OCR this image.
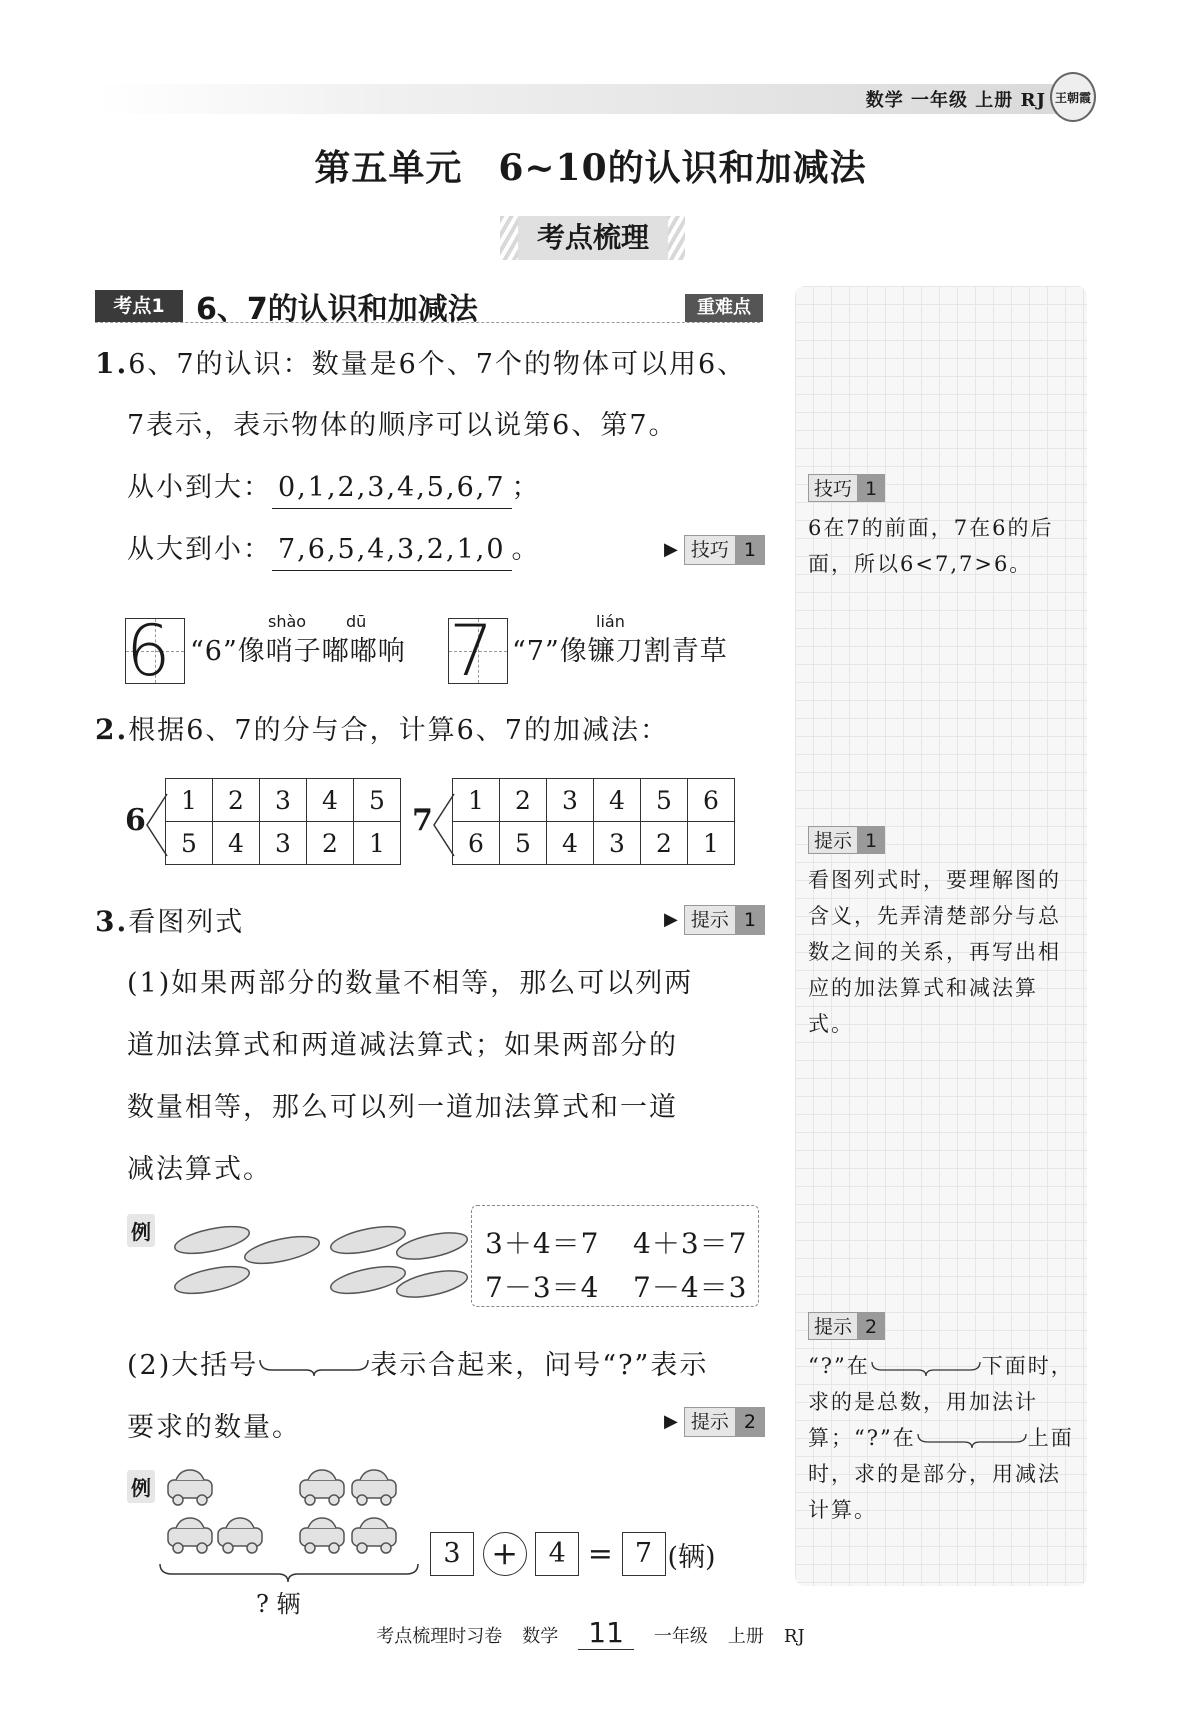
数学 一年级 上册 RJ 王朝霞
第五单元 6~10的认识和加减法
考点梳理
考点1	6、7的认识和加减法	重难点
1.6、7的认识：数量是6个、7个的物体可以用6、
7表示，表示物体的顺序可以说第6、第7。
从小到大： 0,1,2,3,4,5,6,7 ；
从大到小： 7,6,5,4,3,2,1,0 。	▶ 技巧 1
6	shào dū
“6”像哨子嘟嘟响 7	lián
“7”像镰刀割青草
2.根据6、7的分与合，计算6、7的加减法：
6
1	2	3	4	5
5	4	3	2	1
7
1	2	3	4	5	6
6	5	4	3	2	1
3.看图列式	▶ 提示 1
(1)如果两部分的数量不相等，那么可以列两
道加法算式和两道减法算式；如果两部分的
数量相等，那么可以列一道加法算式和一道
减法算式。
例	3＋4＝7 4＋3＝7
7－3＝4 7－4＝3
(2)大括号	表示合起来，问号“?”表示
要求的数量。	▶ 提示 2
例
? 辆
3 + 4 = 7 (辆)
技巧 1
6在7的前面，7在6的后面，所以6<7,7>6。
提示 1
看图列式时，要理解图的含义，先弄清楚部分与总数之间的关系，再写出相应的加法算式和减法算式。
提示 2
“?”在	下面时，
求的是总数，用加法计
算；“?”在	上面
时，求的是部分，用减法
计算。
考点梳理时习卷 数学 11 一年级 上册 RJ
